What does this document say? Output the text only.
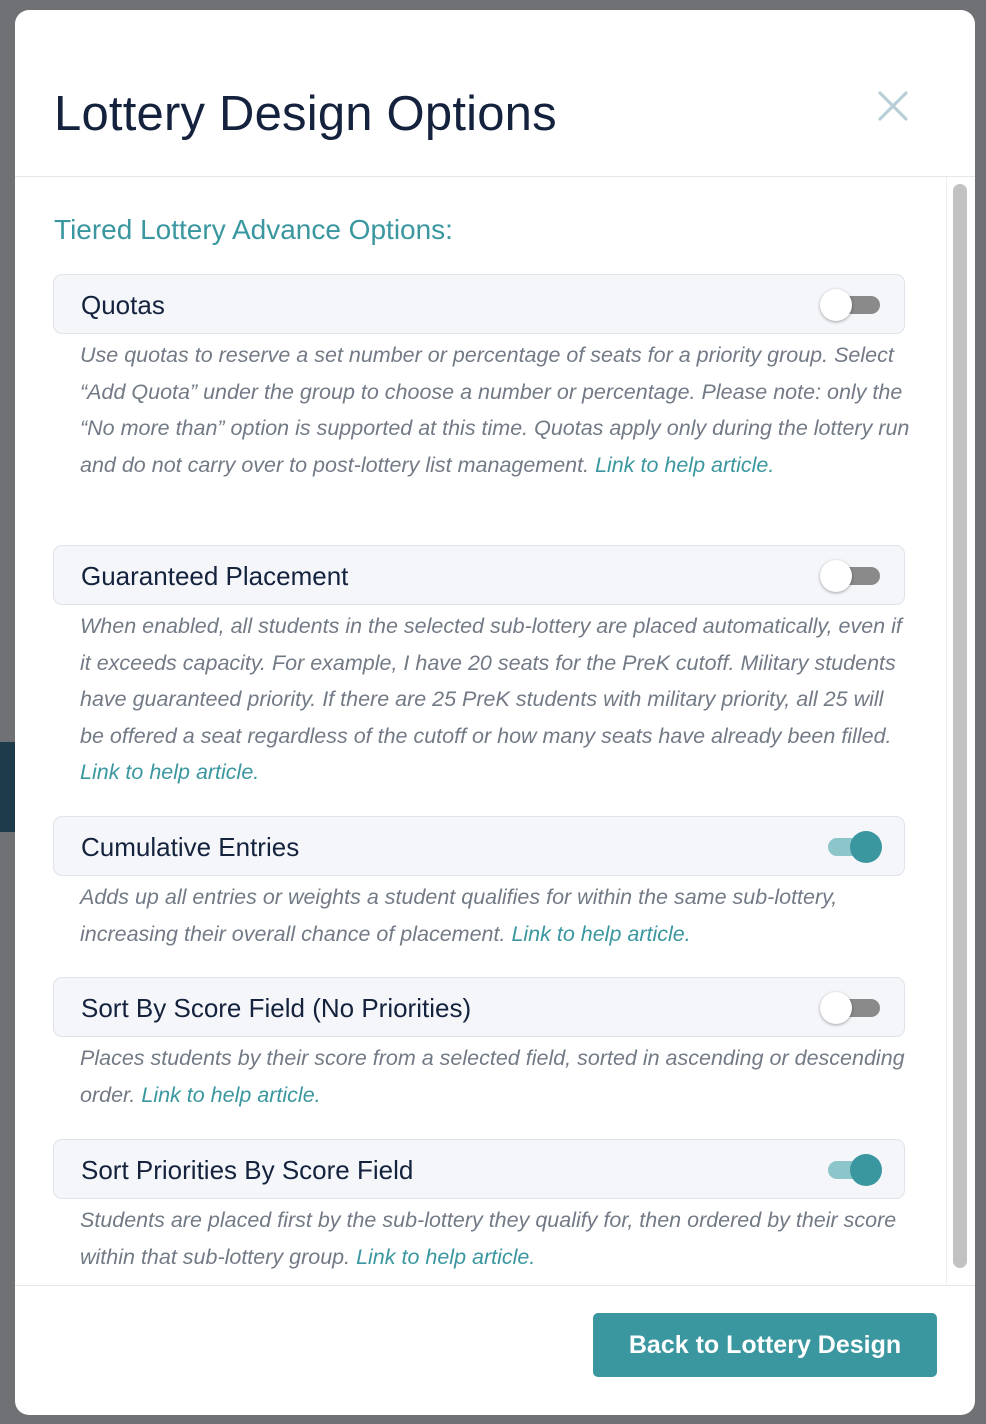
Lottery Design Options
Tiered Lottery Advance Options:
Quotas

Use quotas to reserve a set number or percentage of seats for a priority group. Select “Add Quota” under the group to choose a number or percentage. Please note: only the “No more than” option is supported at this time. Quotas apply only during the lottery run and do not carry over to post-lottery list management. Link to help article.

Guaranteed Placement

When enabled, all students in the selected sub-lottery are placed automatically, even if it exceeds capacity. For example, I have 20 seats for the PreK cutoff. Military students have guaranteed priority. If there are 25 PreK students with military priority, all 25 will be offered a seat regardless of the cutoff or how many seats have already been filled. Link to help article.

Cumulative Entries

Adds up all entries or weights a student qualifies for within the same sub-lottery, increasing their overall chance of placement. Link to help article.

Sort By Score Field (No Priorities)

Places students by their score from a selected field, sorted in ascending or descending order. Link to help article.

Sort Priorities By Score Field

Students are placed first by the sub-lottery they qualify for, then ordered by their score within that sub-lottery group. Link to help article.

Back to Lottery Design
